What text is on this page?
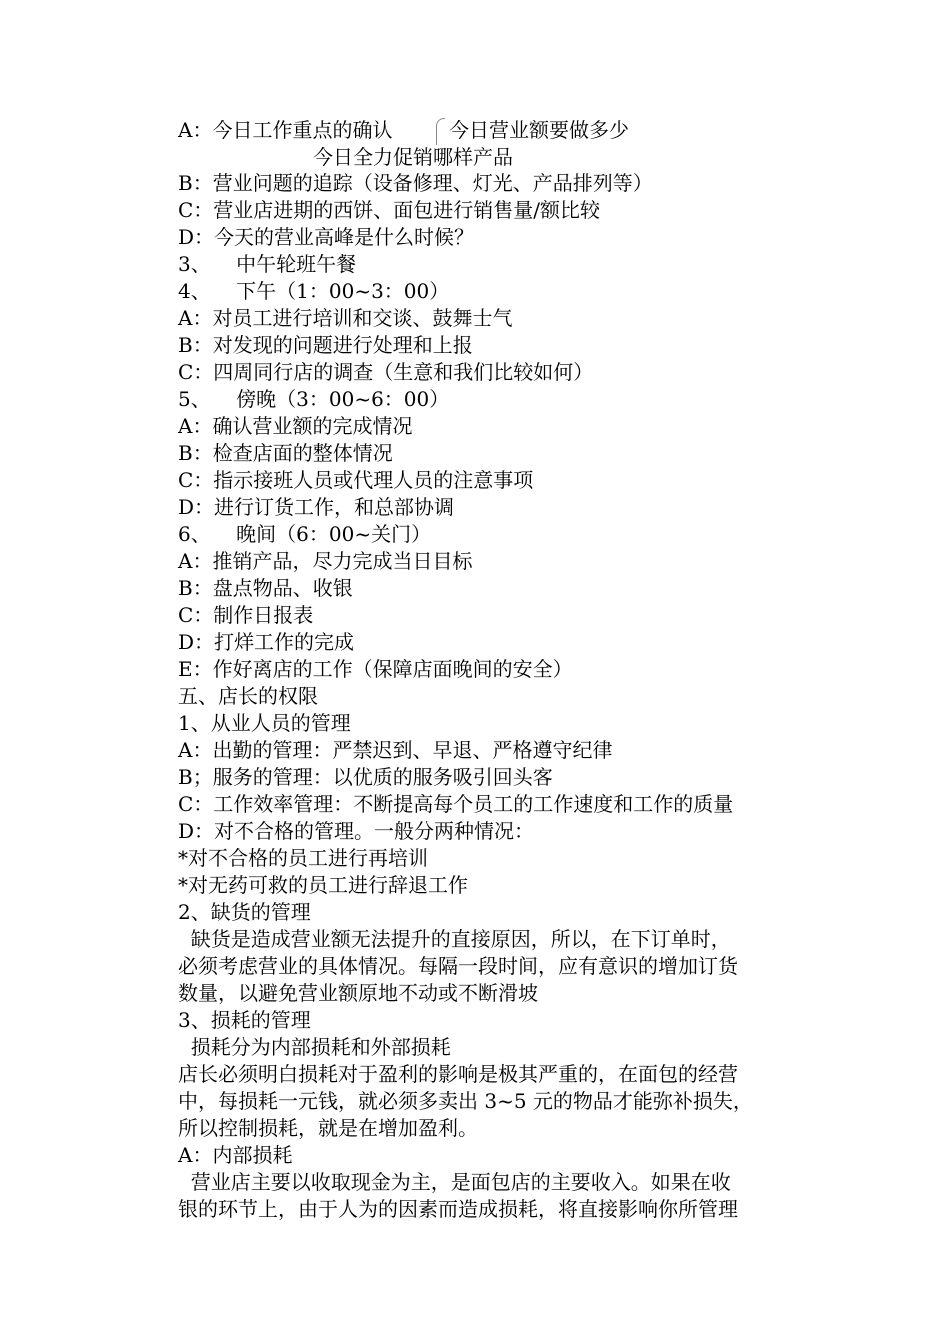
A：今日工作重点的确认	今日营业额要做多少
今日全力促销哪样产品
B：营业问题的追踪（设备修理、灯光、产品排列等）
C：营业店进期的西饼、面包进行销售量/额比较
D：今天的营业高峰是什么时候？
3、    中午轮班午餐
4、    下午（1：00~3：00）
A：对员工进行培训和交谈、鼓舞士气
B：对发现的问题进行处理和上报
C：四周同行店的调查（生意和我们比较如何）
5、    傍晚（3：00~6：00）
A：确认营业额的完成情况
B：检查店面的整体情况
C：指示接班人员或代理人员的注意事项
D：进行订货工作，和总部协调
6、    晚间（6：00~关门）
A：推销产品，尽力完成当日目标
B：盘点物品、收银
C：制作日报表
D：打烊工作的完成
E：作好离店的工作（保障店面晚间的安全）
五、店长的权限
1、从业人员的管理
A：出勤的管理：严禁迟到、早退、严格遵守纪律
B；服务的管理：以优质的服务吸引回头客
C：工作效率管理：不断提高每个员工的工作速度和工作的质量
D：对不合格的管理。一般分两种情况：
*对不合格的员工进行再培训
*对无药可救的员工进行辞退工作
2、缺货的管理
缺货是造成营业额无法提升的直接原因，所以，在下订单时，
必须考虑营业的具体情况。每隔一段时间，应有意识的增加订货
数量，以避免营业额原地不动或不断滑坡
3、损耗的管理
损耗分为内部损耗和外部损耗
店长必须明白损耗对于盈利的影响是极其严重的，在面包的经营
中，每损耗一元钱，就必须多卖出 3~5 元的物品才能弥补损失，
所以控制损耗，就是在增加盈利。
A：内部损耗
营业店主要以收取现金为主，是面包店的主要收入。如果在收
银的环节上，由于人为的因素而造成损耗，将直接影响你所管理
